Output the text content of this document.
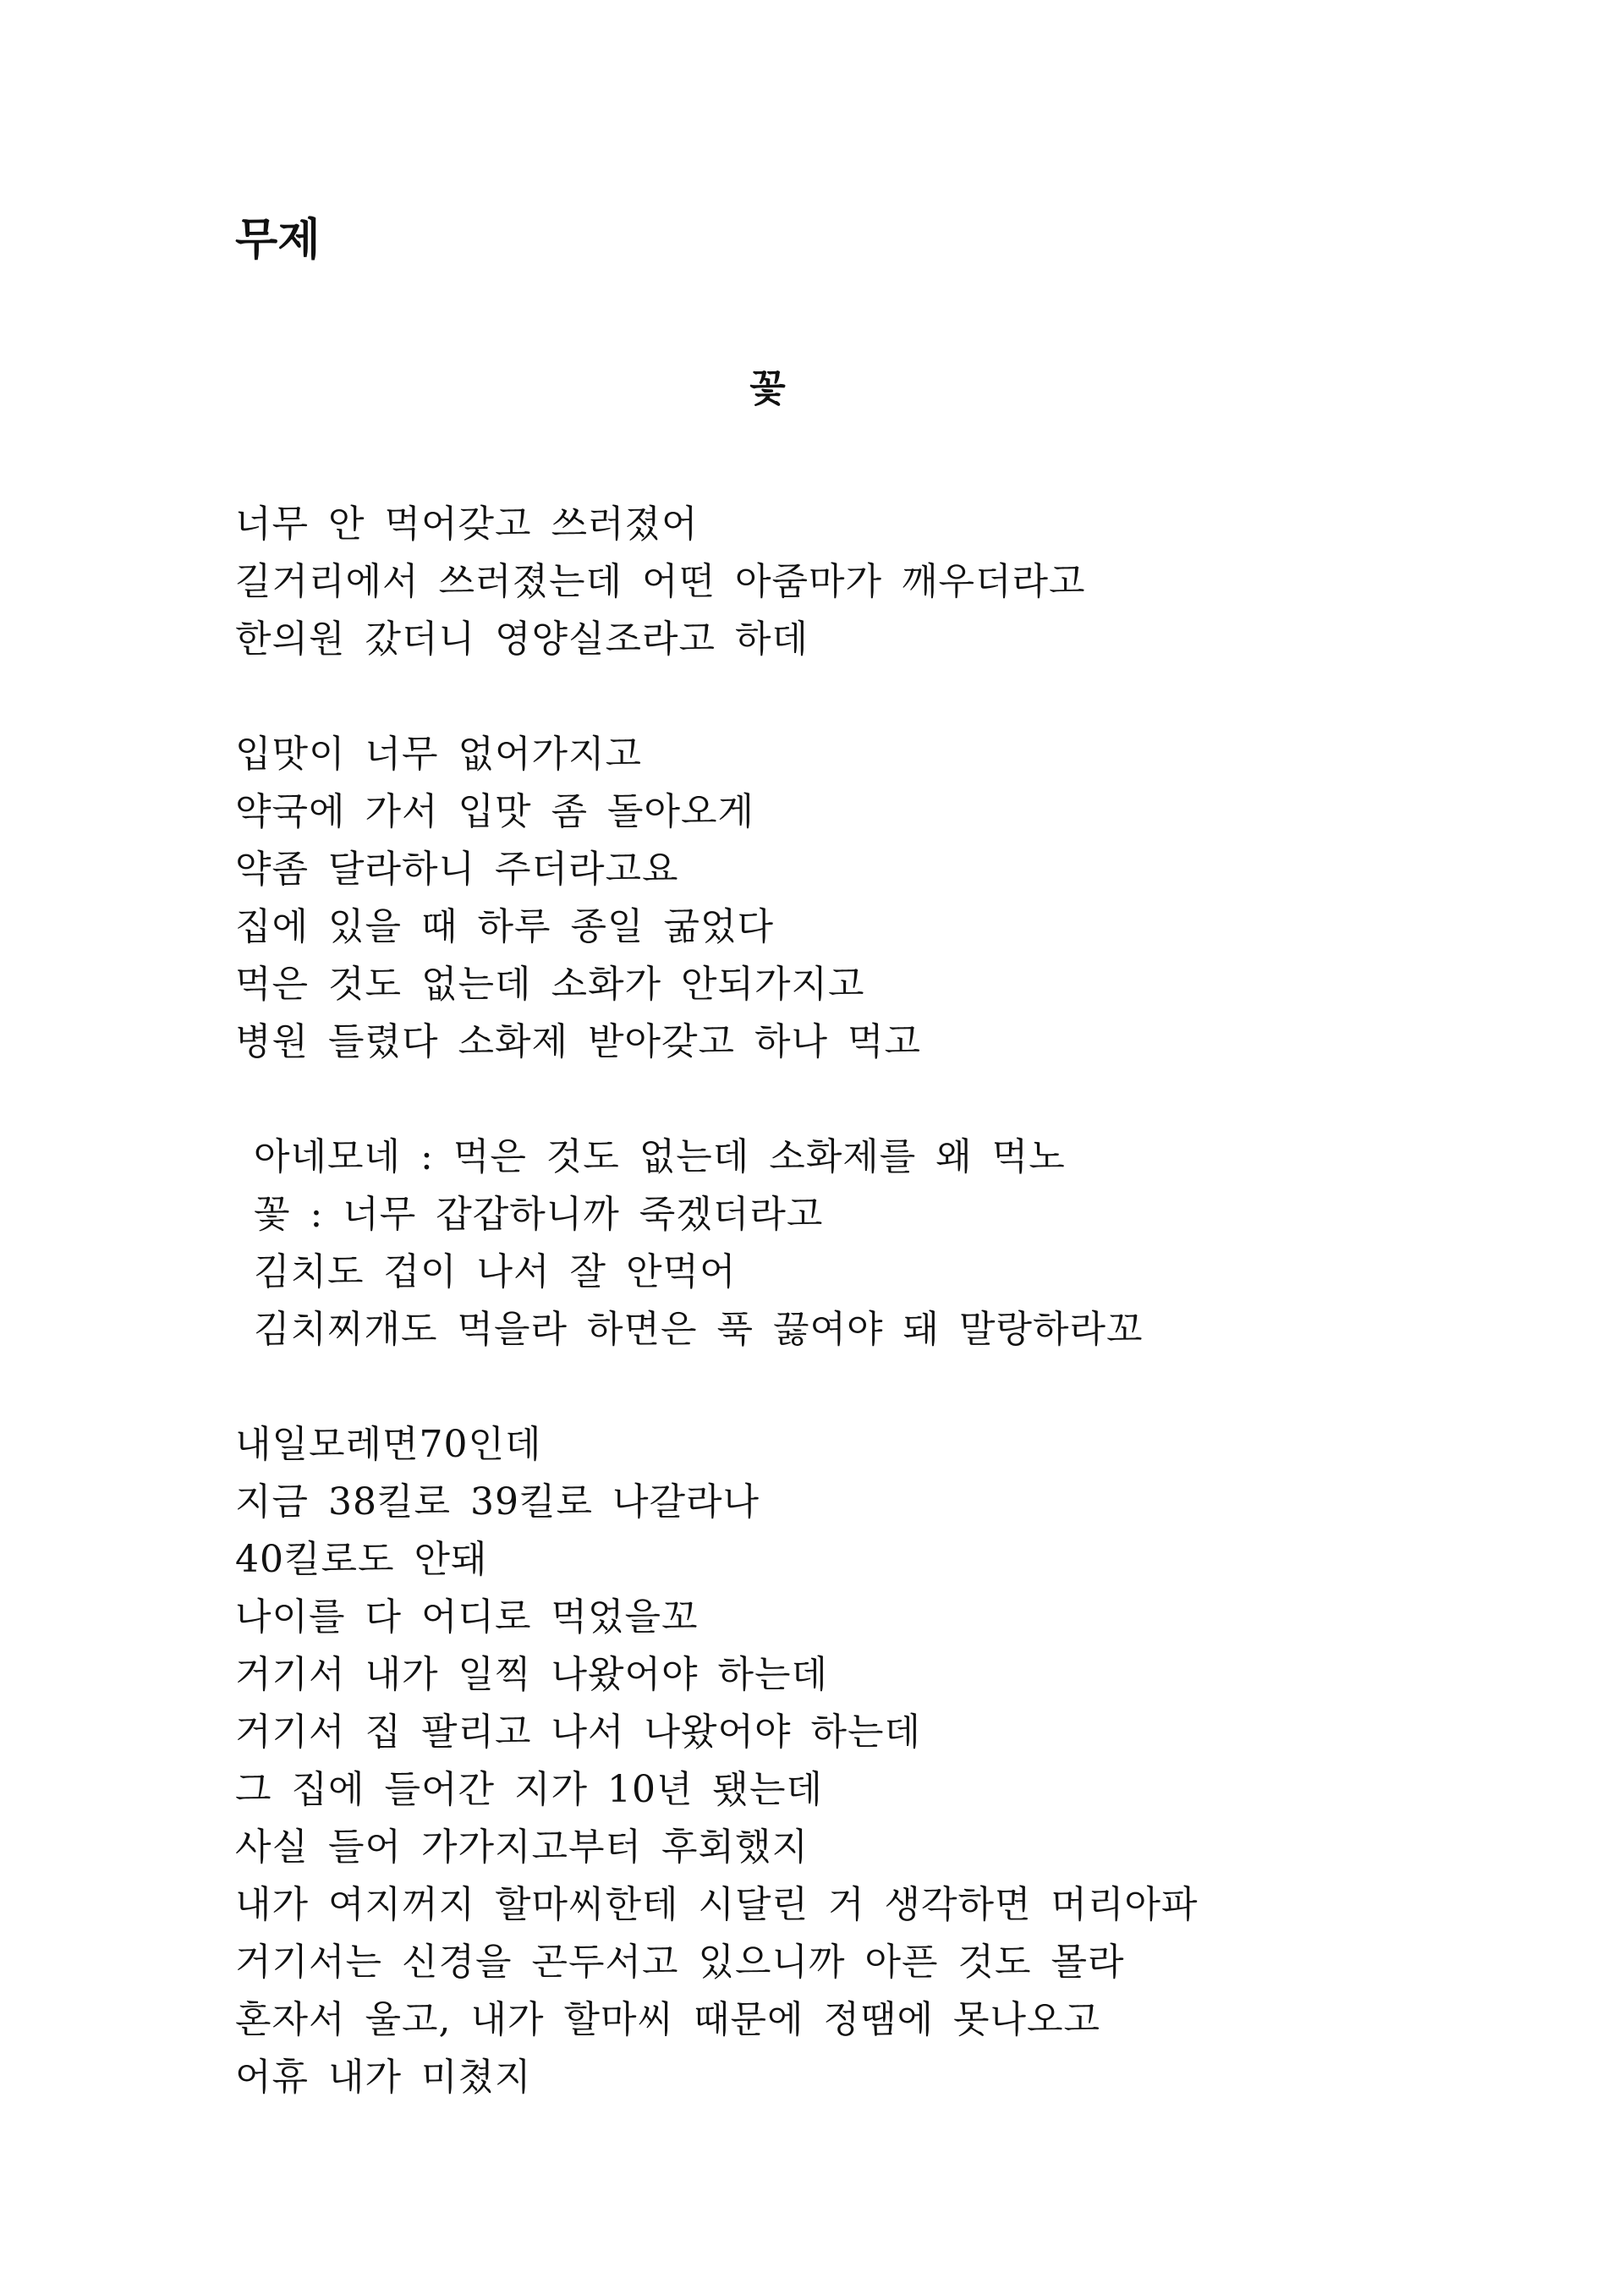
무제
꽃
너무 안 먹어갖고 쓰러졌어
길거리에서 쓰러졌는데 어떤 아줌마가 깨우더라고
한의원 갔더니 영양실조라고 하데
입맛이 너무 없어가지고
약국에 가서 입맛 좀 돌아오게
약좀 달라하니 주더라고요
집에 있을 때 하루 종일 굶었다
먹은 것도 없는데 소화가 안되가지고
병원 들렸다 소화제 받아갖고 하나 먹고
아네모네 : 먹은 것도 없는데 소화제를 왜 먹노
꽃 : 너무 갑갑하니까 죽겠더라고
김치도 겁이 나서 잘 안먹어
김치찌개도 먹을라 하면은 푹 끓여야 돼 말랑하라꼬
내일모레면70인데
지금 38킬로 39킬로 나갈라나
40킬로도 안돼
나이를 다 어디로 먹었을꼬
거기서 내가 일찍 나왔어야 하는데
거기서 집 팔리고 나서 나왔어야 하는데
그 집에 들어간 지가 10년 됐는데
사실 들어 가가지고부터 후회했지
내가 여지꺼지 할마씨한테 시달린 거 생각하면 머리아파
거기서는 신경을 곤두서고 있으니까 아픈 것도 몰라
혼자서 울고, 내가 할마씨 때문에 정땜에 못나오고
어휴 내가 미쳤지
